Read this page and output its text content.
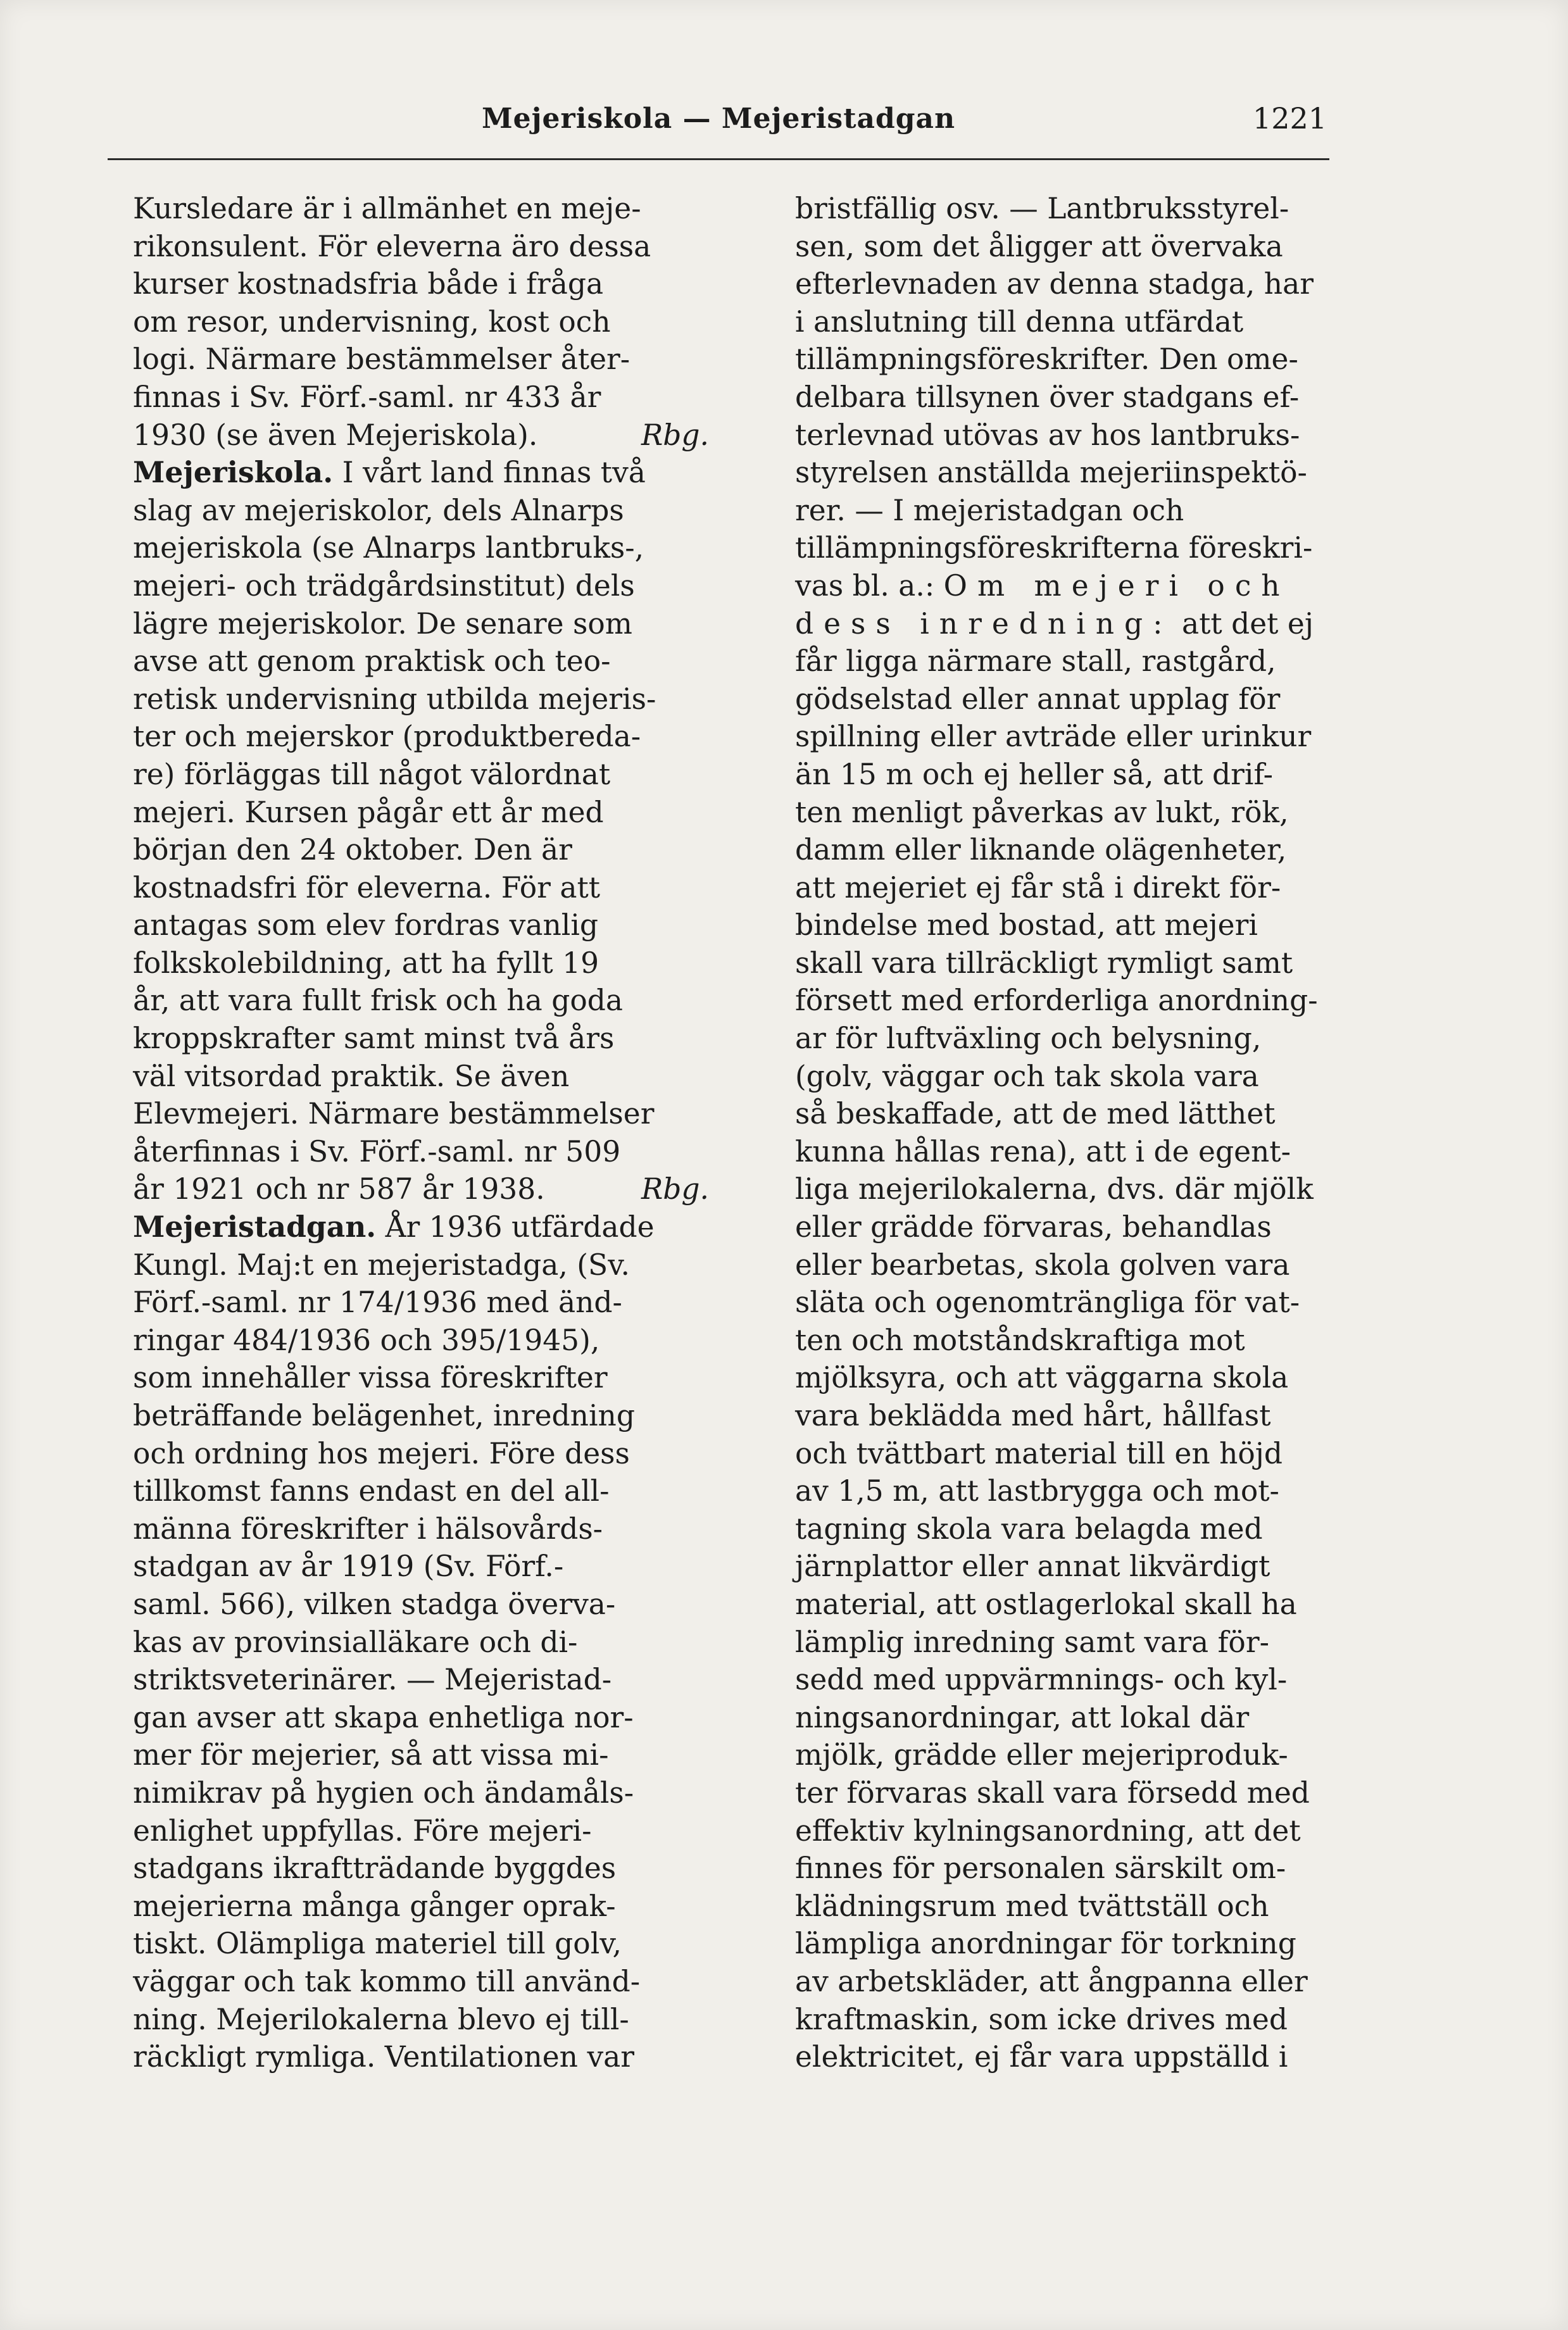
Mejeriskola — Mejeristadgan	1221
Kursledare är i allmänhet en meje-
rikonsulent. För eleverna äro dessa
kurser kostnadsfria både i fråga
om resor, undervisning, kost och
logi. Närmare bestämmelser åter-
finnas i Sv. Förf.-saml. nr 433 år
1930 (se även Mejeriskola).	Rbg.
Mejeriskola. I vårt land finnas två
slag av mejeriskolor, dels Alnarps
mejeriskola (se Alnarps lantbruks-,
mejeri- och trädgårdsinstitut) dels
lägre mejeriskolor. De senare som
avse att genom praktisk och teo-
retisk undervisning utbilda mejeris-
ter och mejerskor (produktbereda-
re) förläggas till något välordnat
mejeri. Kursen pågår ett år med
början den 24 oktober. Den är
kostnadsfri för eleverna. För att
antagas som elev fordras vanlig
folkskolebildning, att ha fyllt 19
år, att vara fullt frisk och ha goda
kroppskrafter samt minst två års
väl vitsordad praktik. Se även
Elevmejeri. Närmare bestämmelser
återfinnas i Sv. Förf.-saml. nr 509
år 1921 och nr 587 år 1938.	Rbg.
Mejeristadgan. År 1936 utfärdade
Kungl. Maj:t en mejeristadga, (Sv.
Förf.-saml. nr 174/1936 med änd-
ringar 484/1936 och 395/1945),
som innehåller vissa föreskrifter
beträffande belägenhet, inredning
och ordning hos mejeri. Före dess
tillkomst fanns endast en del all-
männa föreskrifter i hälsovårds-
stadgan av år 1919 (Sv. Förf.-
saml. 566), vilken stadga överva-
kas av provinsialläkare och di-
striktsveterinärer. — Mejeristad-
gan avser att skapa enhetliga nor-
mer för mejerier, så att vissa mi-
nimikrav på hygien och ändamåls-
enlighet uppfyllas. Före mejeri-
stadgans ikraftträdande byggdes
mejerierna många gånger oprak-
tiskt. Olämpliga materiel till golv,
väggar och tak kommo till använd-
ning. Mejerilokalerna blevo ej till-
räckligt rymliga. Ventilationen var
bristfällig osv. — Lantbruksstyrel-
sen, som det åligger att övervaka
efterlevnaden av denna stadga, har
i anslutning till denna utfärdat
tillämpningsföreskrifter. Den ome-
delbara tillsynen över stadgans ef-
terlevnad utövas av hos lantbruks-
styrelsen anställda mejeriinspektö-
rer. — I mejeristadgan och
tillämpningsföreskrifterna föreskri-
vas bl. a.: Om mejeri och
dess inredning: att det ej
får ligga närmare stall, rastgård,
gödselstad eller annat upplag för
spillning eller avträde eller urinkur
än 15 m och ej heller så, att drif-
ten menligt påverkas av lukt, rök,
damm eller liknande olägenheter,
att mejeriet ej får stå i direkt för-
bindelse med bostad, att mejeri
skall vara tillräckligt rymligt samt
försett med erforderliga anordning-
ar för luftväxling och belysning,
(golv, väggar och tak skola vara
så beskaffade, att de med lätthet
kunna hållas rena), att i de egent-
liga mejerilokalerna, dvs. där mjölk
eller grädde förvaras, behandlas
eller bearbetas, skola golven vara
släta och ogenomträngliga för vat-
ten och motståndskraftiga mot
mjölksyra, och att väggarna skola
vara beklädda med hårt, hållfast
och tvättbart material till en höjd
av 1,5 m, att lastbrygga och mot-
tagning skola vara belagda med
järnplattor eller annat likvärdigt
material, att ostlagerlokal skall ha
lämplig inredning samt vara för-
sedd med uppvärmnings- och kyl-
ningsanordningar, att lokal där
mjölk, grädde eller mejeriproduk-
ter förvaras skall vara försedd med
effektiv kylningsanordning, att det
finnes för personalen särskilt om-
klädningsrum med tvättställ och
lämpliga anordningar för torkning
av arbetskläder, att ångpanna eller
kraftmaskin, som icke drives med
elektricitet, ej får vara uppställd i
